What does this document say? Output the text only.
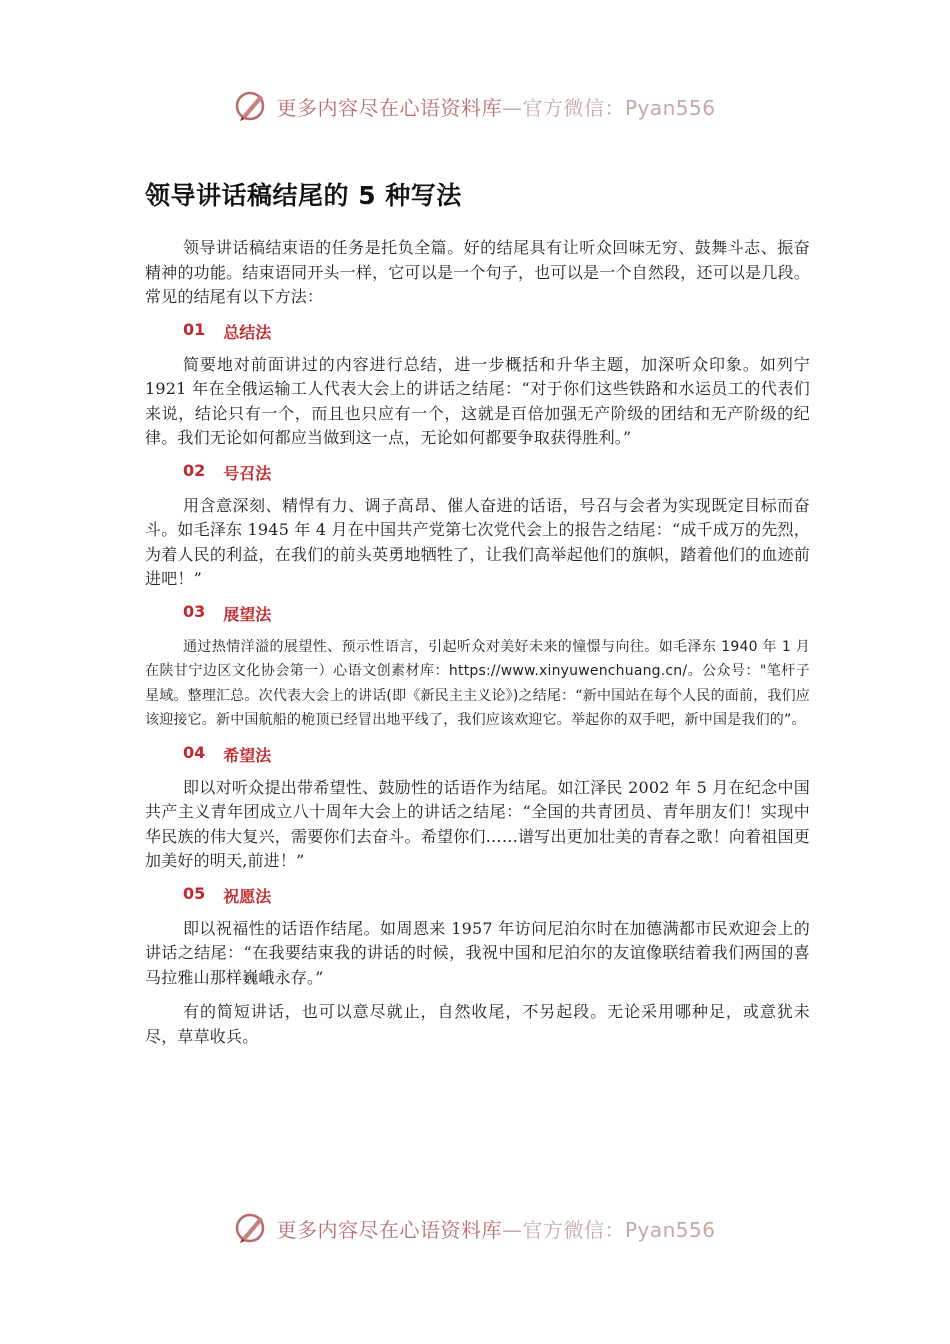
更多内容尽在心语资料库—官方微信：Pyan556
领导讲话稿结尾的 5 种写法

领导讲话稿结束语的任务是托负全篇。好的结尾具有让听众回味无穷、鼓舞斗志、振奋精神的功能。结束语同开头一样，它可以是一个句子，也可以是一个自然段，还可以是几段。常见的结尾有以下方法：

01 总结法

简要地对前面讲过的内容进行总结，进一步概括和升华主题，加深听众印象。如列宁 1921 年在全俄运输工人代表大会上的讲话之结尾：“对于你们这些铁路和水运员工的代表们来说，结论只有一个，而且也只应有一个，这就是百倍加强无产阶级的团结和无产阶级的纪律。我们无论如何都应当做到这一点，无论如何都要争取获得胜利。”

02 号召法

用含意深刻、精悍有力、调子高昂、催人奋进的话语，号召与会者为实现既定目标而奋斗。如毛泽东 1945 年 4 月在中国共产党第七次党代会上的报告之结尾：“成千成万的先烈，为着人民的利益，在我们的前头英勇地牺牲了，让我们高举起他们的旗帜，踏着他们的血迹前进吧！”

03 展望法

通过热情洋溢的展望性、预示性语言，引起听众对美好未来的憧憬与向往。如毛泽东 1940 年 1 月在陕甘宁边区文化协会第一）心语文创素材库：https://www.xinyuwenchuang.cn/。公众号："笔杆子星域。整理汇总。次代表大会上的讲话(即《新民主主义论》)之结尾：“新中国站在每个人民的面前，我们应该迎接它。新中国航船的桅顶已经冒出地平线了，我们应该欢迎它。举起你的双手吧，新中国是我们的”。

04 希望法

即以对听众提出带希望性、鼓励性的话语作为结尾。如江泽民 2002 年 5 月在纪念中国共产主义青年团成立八十周年大会上的讲话之结尾：“全国的共青团员、青年朋友们！实现中华民族的伟大复兴，需要你们去奋斗。希望你们……谱写出更加壮美的青春之歌！向着祖国更加美好的明天,前进！”

05 祝愿法

即以祝福性的话语作结尾。如周恩来 1957 年访问尼泊尔时在加德满都市民欢迎会上的讲话之结尾：“在我要结束我的讲话的时候，我祝中国和尼泊尔的友谊像联结着我们两国的喜马拉雅山那样巍峨永存。”

有的简短讲话，也可以意尽就止，自然收尾，不另起段。无论采用哪种足，或意犹未尽，草草收兵。

更多内容尽在心语资料库—官方微信：Pyan556
